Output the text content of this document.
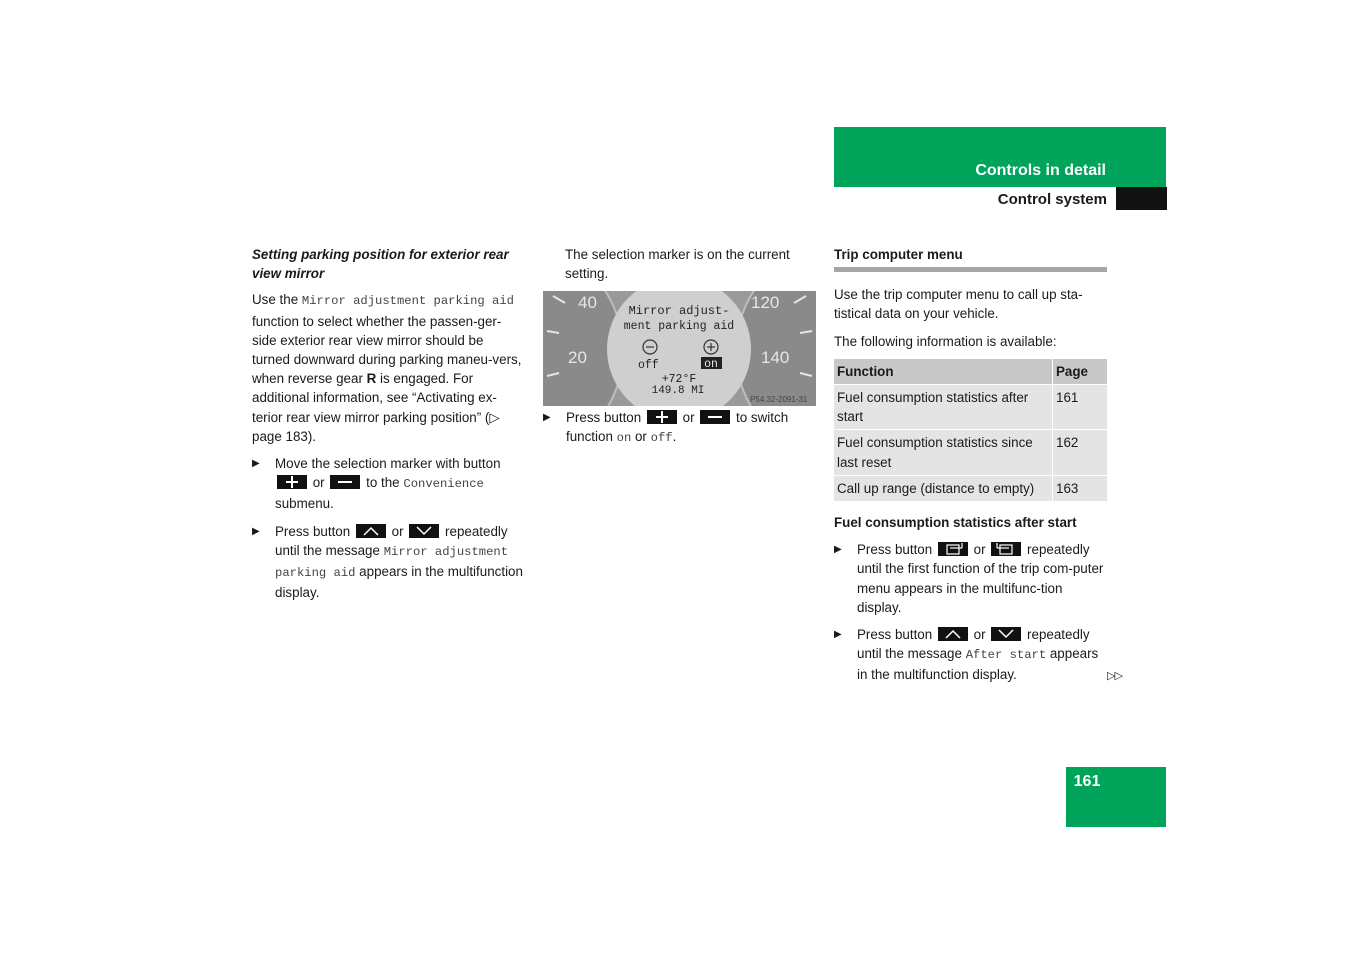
Controls in detail
Control system

Setting parking position for exterior rear view mirror

Use the Mirror adjustment parking aid function to select whether the passen-ger-side exterior rear view mirror should be turned downward during parking maneu-vers, when reverse gear R is engaged. For additional information, see “Activating ex-terior rear view mirror parking position” (▷ page 183).

▶ Move the selection marker with button
or	to the Convenience submenu.
▶ Press button	or	repeatedly until the message Mirror adjustment parking aid appears in the multifunction display.

The selection marker is on the current setting.

40
20
120
140
Mirror adjust-
ment parking aid
off	on
+72°F
149.8 MI
P54.32-2091-31
▶ Press button	or	to switch function on or off.
Trip computer menu

Use the trip computer menu to call up sta-tistical data on your vehicle.

The following information is available:

Function	Page
Fuel consumption statistics after start	161
Fuel consumption statistics since last reset	162
Call up range (distance to empty)	163
Fuel consumption statistics after start
▶ Press button	or	repeatedly until the first function of the trip com-puter menu appears in the multifunc-tion display.
▶ Press button	or	repeatedly until the message After start appears in the multifunction display.	▷▷
161
